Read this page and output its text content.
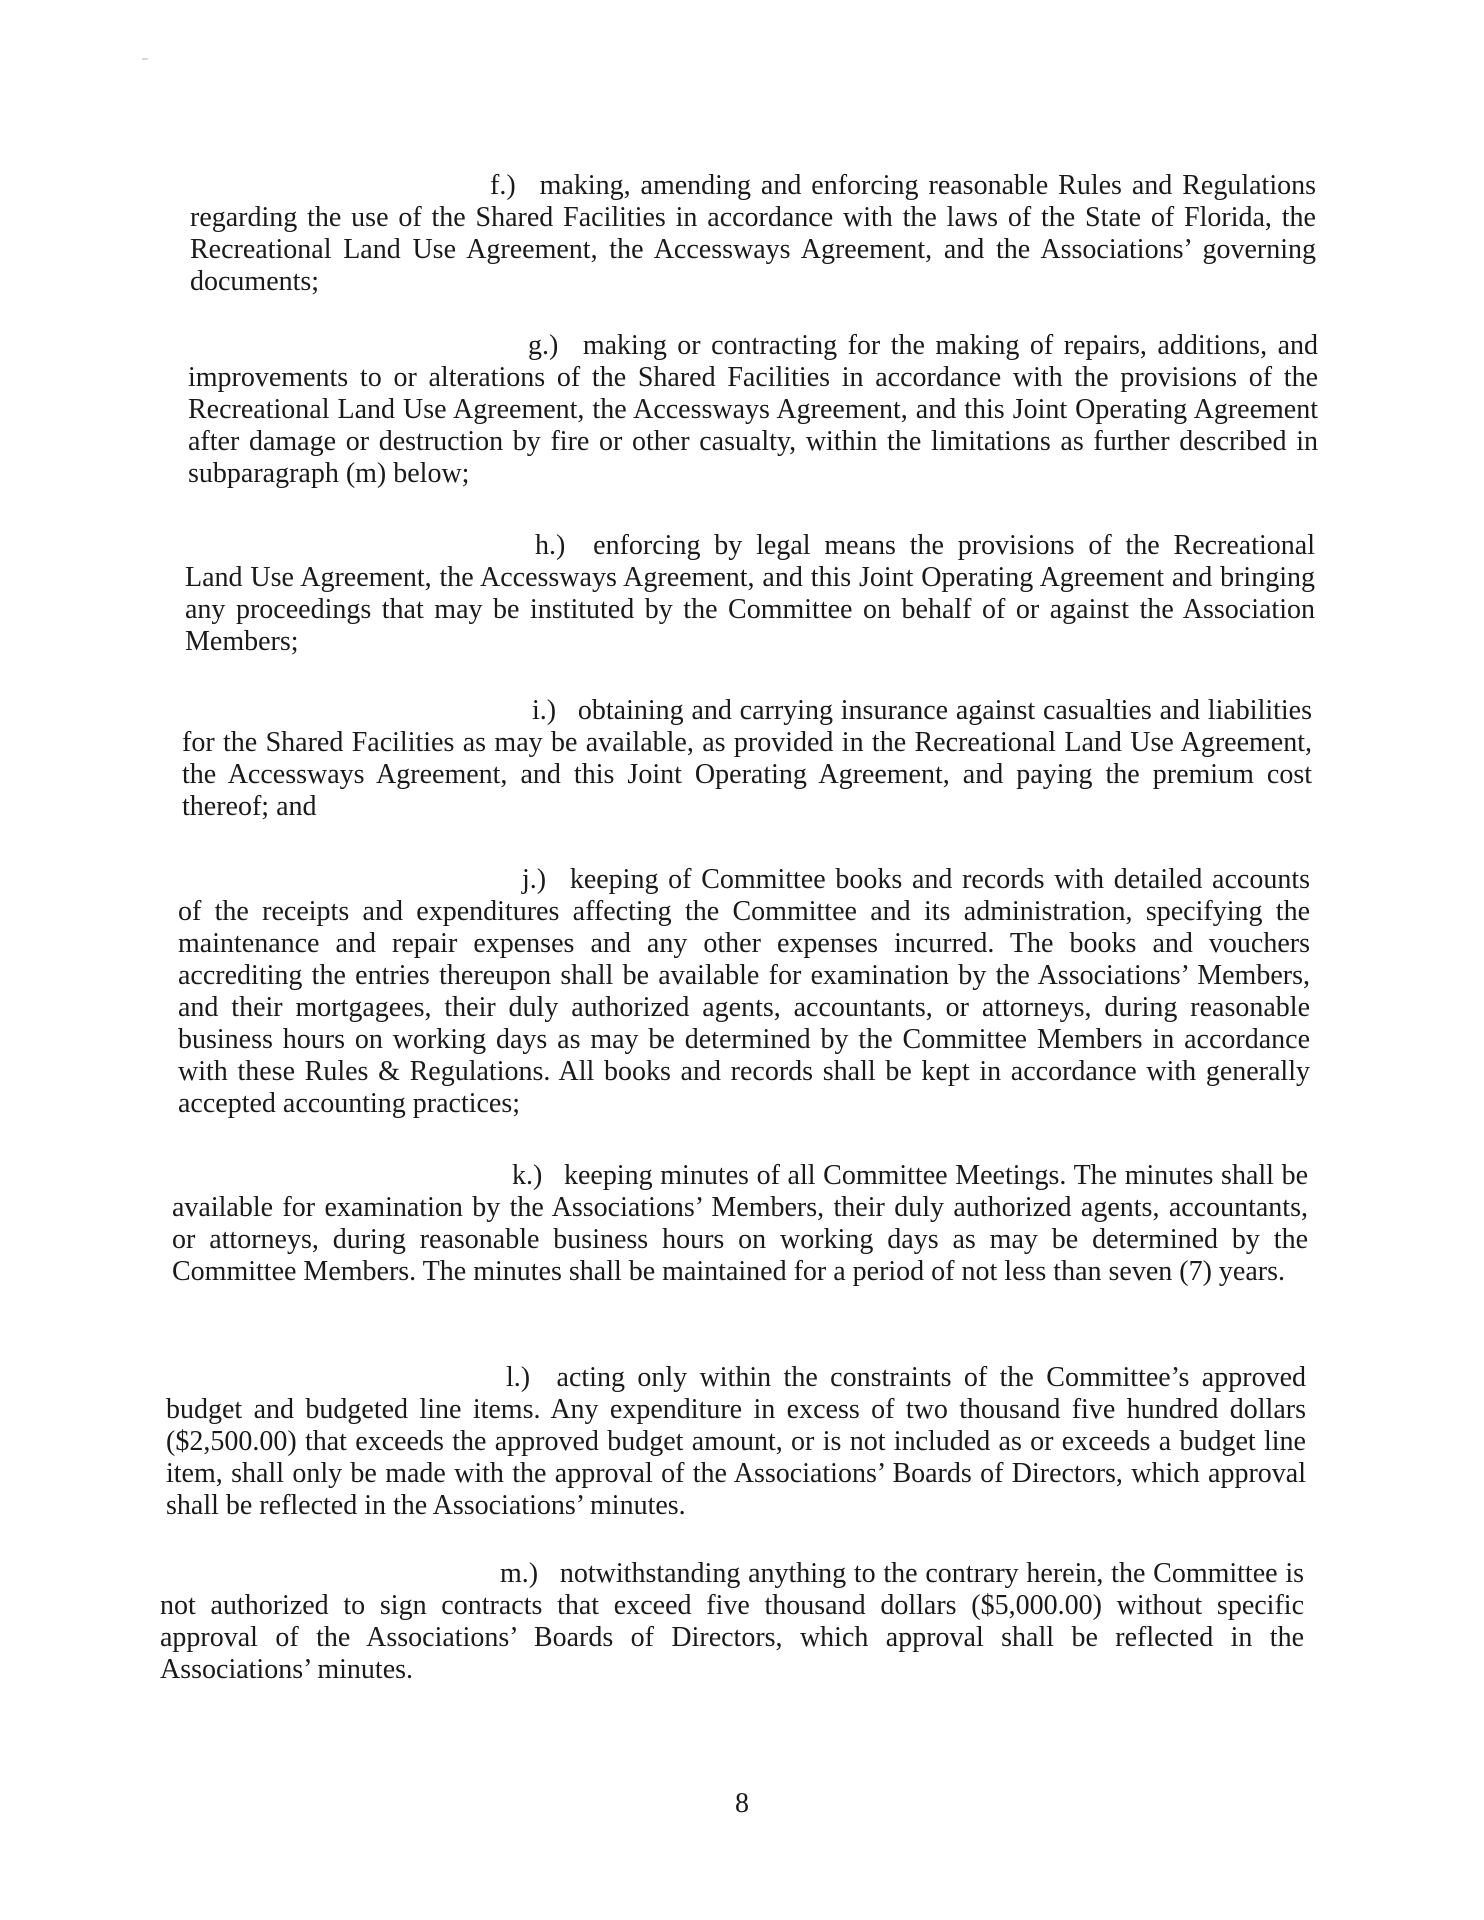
f.) making, amending and enforcing reasonable Rules and Regulations regarding the use of the Shared Facilities in accordance with the laws of the State of Florida, the Recreational Land Use Agreement, the Accessways Agreement, and the Associations’ governing documents;

g.) making or contracting for the making of repairs, additions, and improvements to or alterations of the Shared Facilities in accordance with the provisions of the Recreational Land Use Agreement, the Accessways Agreement, and this Joint Operating Agreement after damage or destruction by fire or other casualty, within the limitations as further described in subparagraph (m) below;

h.) enforcing by legal means the provisions of the Recreational Land Use Agreement, the Accessways Agreement, and this Joint Operating Agreement and bringing any proceedings that may be instituted by the Committee on behalf of or against the Association Members;

i.) obtaining and carrying insurance against casualties and liabilities for the Shared Facilities as may be available, as provided in the Recreational Land Use Agreement, the Accessways Agreement, and this Joint Operating Agreement, and paying the premium cost thereof; and

j.) keeping of Committee books and records with detailed accounts of the receipts and expenditures affecting the Committee and its administration, specifying the maintenance and repair expenses and any other expenses incurred. The books and vouchers accrediting the entries thereupon shall be available for examination by the Associations’ Members, and their mortgagees, their duly authorized agents, accountants, or attorneys, during reasonable business hours on working days as may be determined by the Committee Members in accordance with these Rules & Regulations. All books and records shall be kept in accordance with generally accepted accounting practices;

k.) keeping minutes of all Committee Meetings. The minutes shall be available for examination by the Associations’ Members, their duly authorized agents, accountants, or attorneys, during reasonable business hours on working days as may be determined by the Committee Members. The minutes shall be maintained for a period of not less than seven (7) years.

l.) acting only within the constraints of the Committee’s approved budget and budgeted line items. Any expenditure in excess of two thousand five hundred dollars ($2,500.00) that exceeds the approved budget amount, or is not included as or exceeds a budget line item, shall only be made with the approval of the Associations’ Boards of Directors, which approval shall be reflected in the Associations’ minutes.

m.) notwithstanding anything to the contrary herein, the Committee is not authorized to sign contracts that exceed five thousand dollars ($5,000.00) without specific approval of the Associations’ Boards of Directors, which approval shall be reflected in the Associations’ minutes.

8
